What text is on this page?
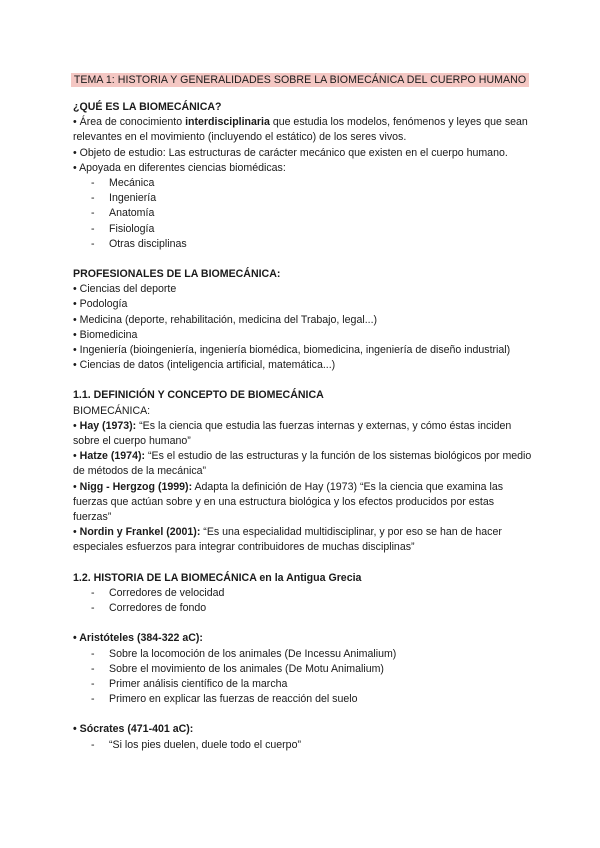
TEMA 1: HISTORIA Y GENERALIDADES SOBRE LA BIOMECÁNICA DEL CUERPO HUMANO
¿QUÉ ES LA BIOMECÁNICA?
• Área de conocimiento interdisciplinaria que estudia los modelos, fenómenos y leyes que sean relevantes en el movimiento (incluyendo el estático) de los seres vivos.
• Objeto de estudio: Las estructuras de carácter mecánico que existen en el cuerpo humano.
• Apoyada en diferentes ciencias biomédicas:
- Mecánica
- Ingeniería
- Anatomía
- Fisiología
- Otras disciplinas
PROFESIONALES DE LA BIOMECÁNICA:
• Ciencias del deporte
• Podología
• Medicina (deporte, rehabilitación, medicina del Trabajo, legal...)
• Biomedicina
• Ingeniería (bioingeniería, ingeniería biomédica, biomedicina, ingeniería de diseño industrial)
• Ciencias de datos (inteligencia artificial, matemática...)
1.1. DEFINICIÓN Y CONCEPTO DE BIOMECÁNICA
BIOMECÁNICA:
• Hay (1973): “Es la ciencia que estudia las fuerzas internas y externas, y cómo éstas inciden sobre el cuerpo humano”
• Hatze (1974): “Es el estudio de las estructuras y la función de los sistemas biológicos por medio de métodos de la mecánica”
• Nigg - Hergzog (1999): Adapta la definición de Hay (1973) “Es la ciencia que examina las fuerzas que actúan sobre y en una estructura biológica y los efectos producidos por estas fuerzas”
• Nordin y Frankel (2001): “Es una especialidad multidisciplinar, y por eso se han de hacer especiales esfuerzos para integrar contribuidores de muchas disciplinas”
1.2. HISTORIA DE LA BIOMECÁNICA en la Antigua Grecia
- Corredores de velocidad
- Corredores de fondo
• Aristóteles (384-322 aC):
- Sobre la locomoción de los animales (De Incessu Animalium)
- Sobre el movimiento de los animales (De Motu Animalium)
- Primer análisis científico de la marcha
- Primero en explicar las fuerzas de reacción del suelo
• Sócrates (471-401 aC):
- “Si los pies duelen, duele todo el cuerpo”
